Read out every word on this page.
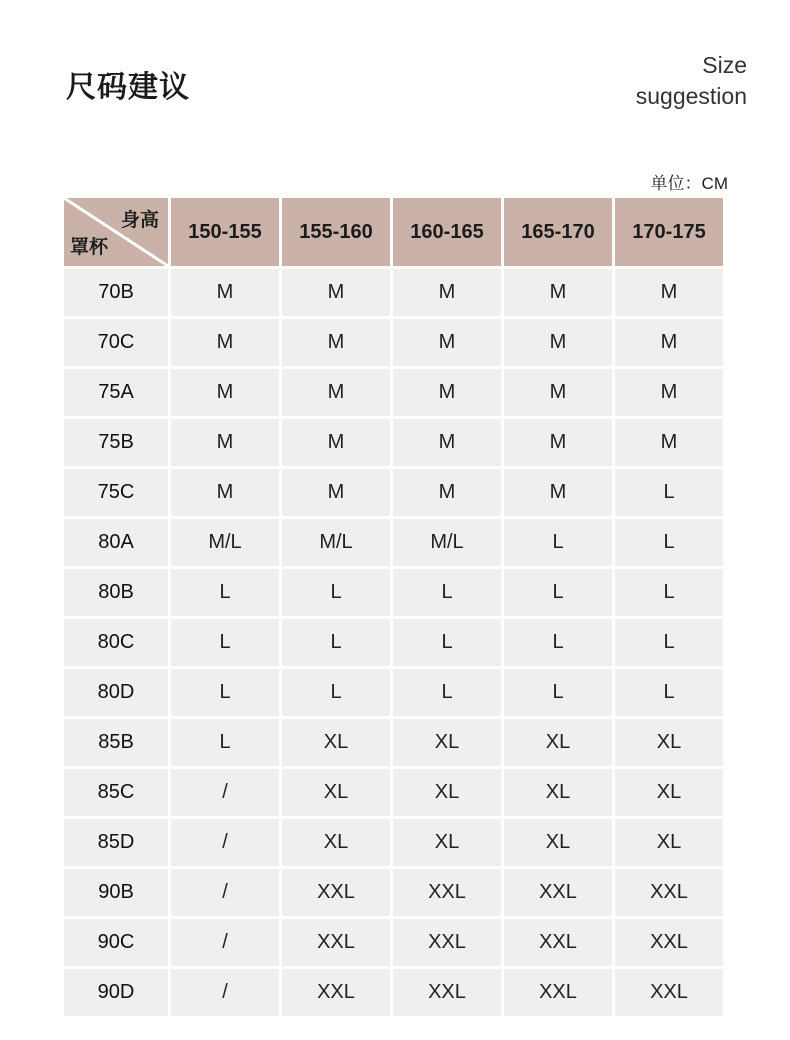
尺码建议
Size
suggestion
单位：CM
身高
罩杯	150-155	155-160	160-165	165-170	170-175
70B	M	M	M	M	M
70C	M	M	M	M	M
75A	M	M	M	M	M
75B	M	M	M	M	M
75C	M	M	M	M	L
80A	M/L	M/L	M/L	L	L
80B	L	L	L	L	L
80C	L	L	L	L	L
80D	L	L	L	L	L
85B	L	XL	XL	XL	XL
85C	/	XL	XL	XL	XL
85D	/	XL	XL	XL	XL
90B	/	XXL	XXL	XXL	XXL
90C	/	XXL	XXL	XXL	XXL
90D	/	XXL	XXL	XXL	XXL
